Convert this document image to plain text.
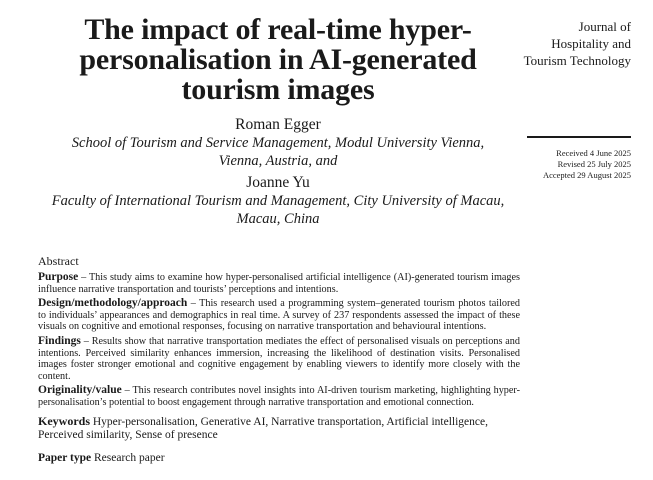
The impact of real-time hyper-personalisation in AI-generated tourism images
Roman Egger
School of Tourism and Service Management, Modul University Vienna, Vienna, Austria, and
Joanne Yu
Faculty of International Tourism and Management, City University of Macau, Macau, China
Journal of Hospitality and Tourism Technology
Received 4 June 2025
Revised 25 July 2025
Accepted 29 August 2025
Abstract

Purpose – This study aims to examine how hyper-personalised artificial intelligence (AI)-generated tourism images influence narrative transportation and tourists’ perceptions and intentions.

Design/methodology/approach – This research used a programming system–generated tourism photos tailored to individuals’ appearances and demographics in real time. A survey of 237 respondents assessed the impact of these visuals on cognitive and emotional responses, focusing on narrative transportation and behavioural intentions.

Findings – Results show that narrative transportation mediates the effect of personalised visuals on perceptions and intentions. Perceived similarity enhances immersion, increasing the likelihood of destination visits. Personalised images foster stronger emotional and cognitive engagement by enabling viewers to identify more closely with the content.

Originality/value – This research contributes novel insights into AI-driven tourism marketing, highlighting hyper-personalisation’s potential to boost engagement through narrative transportation and emotional connection.

Keywords Hyper-personalisation, Generative AI, Narrative transportation, Artificial intelligence, Perceived similarity, Sense of presence

Paper type Research paper
